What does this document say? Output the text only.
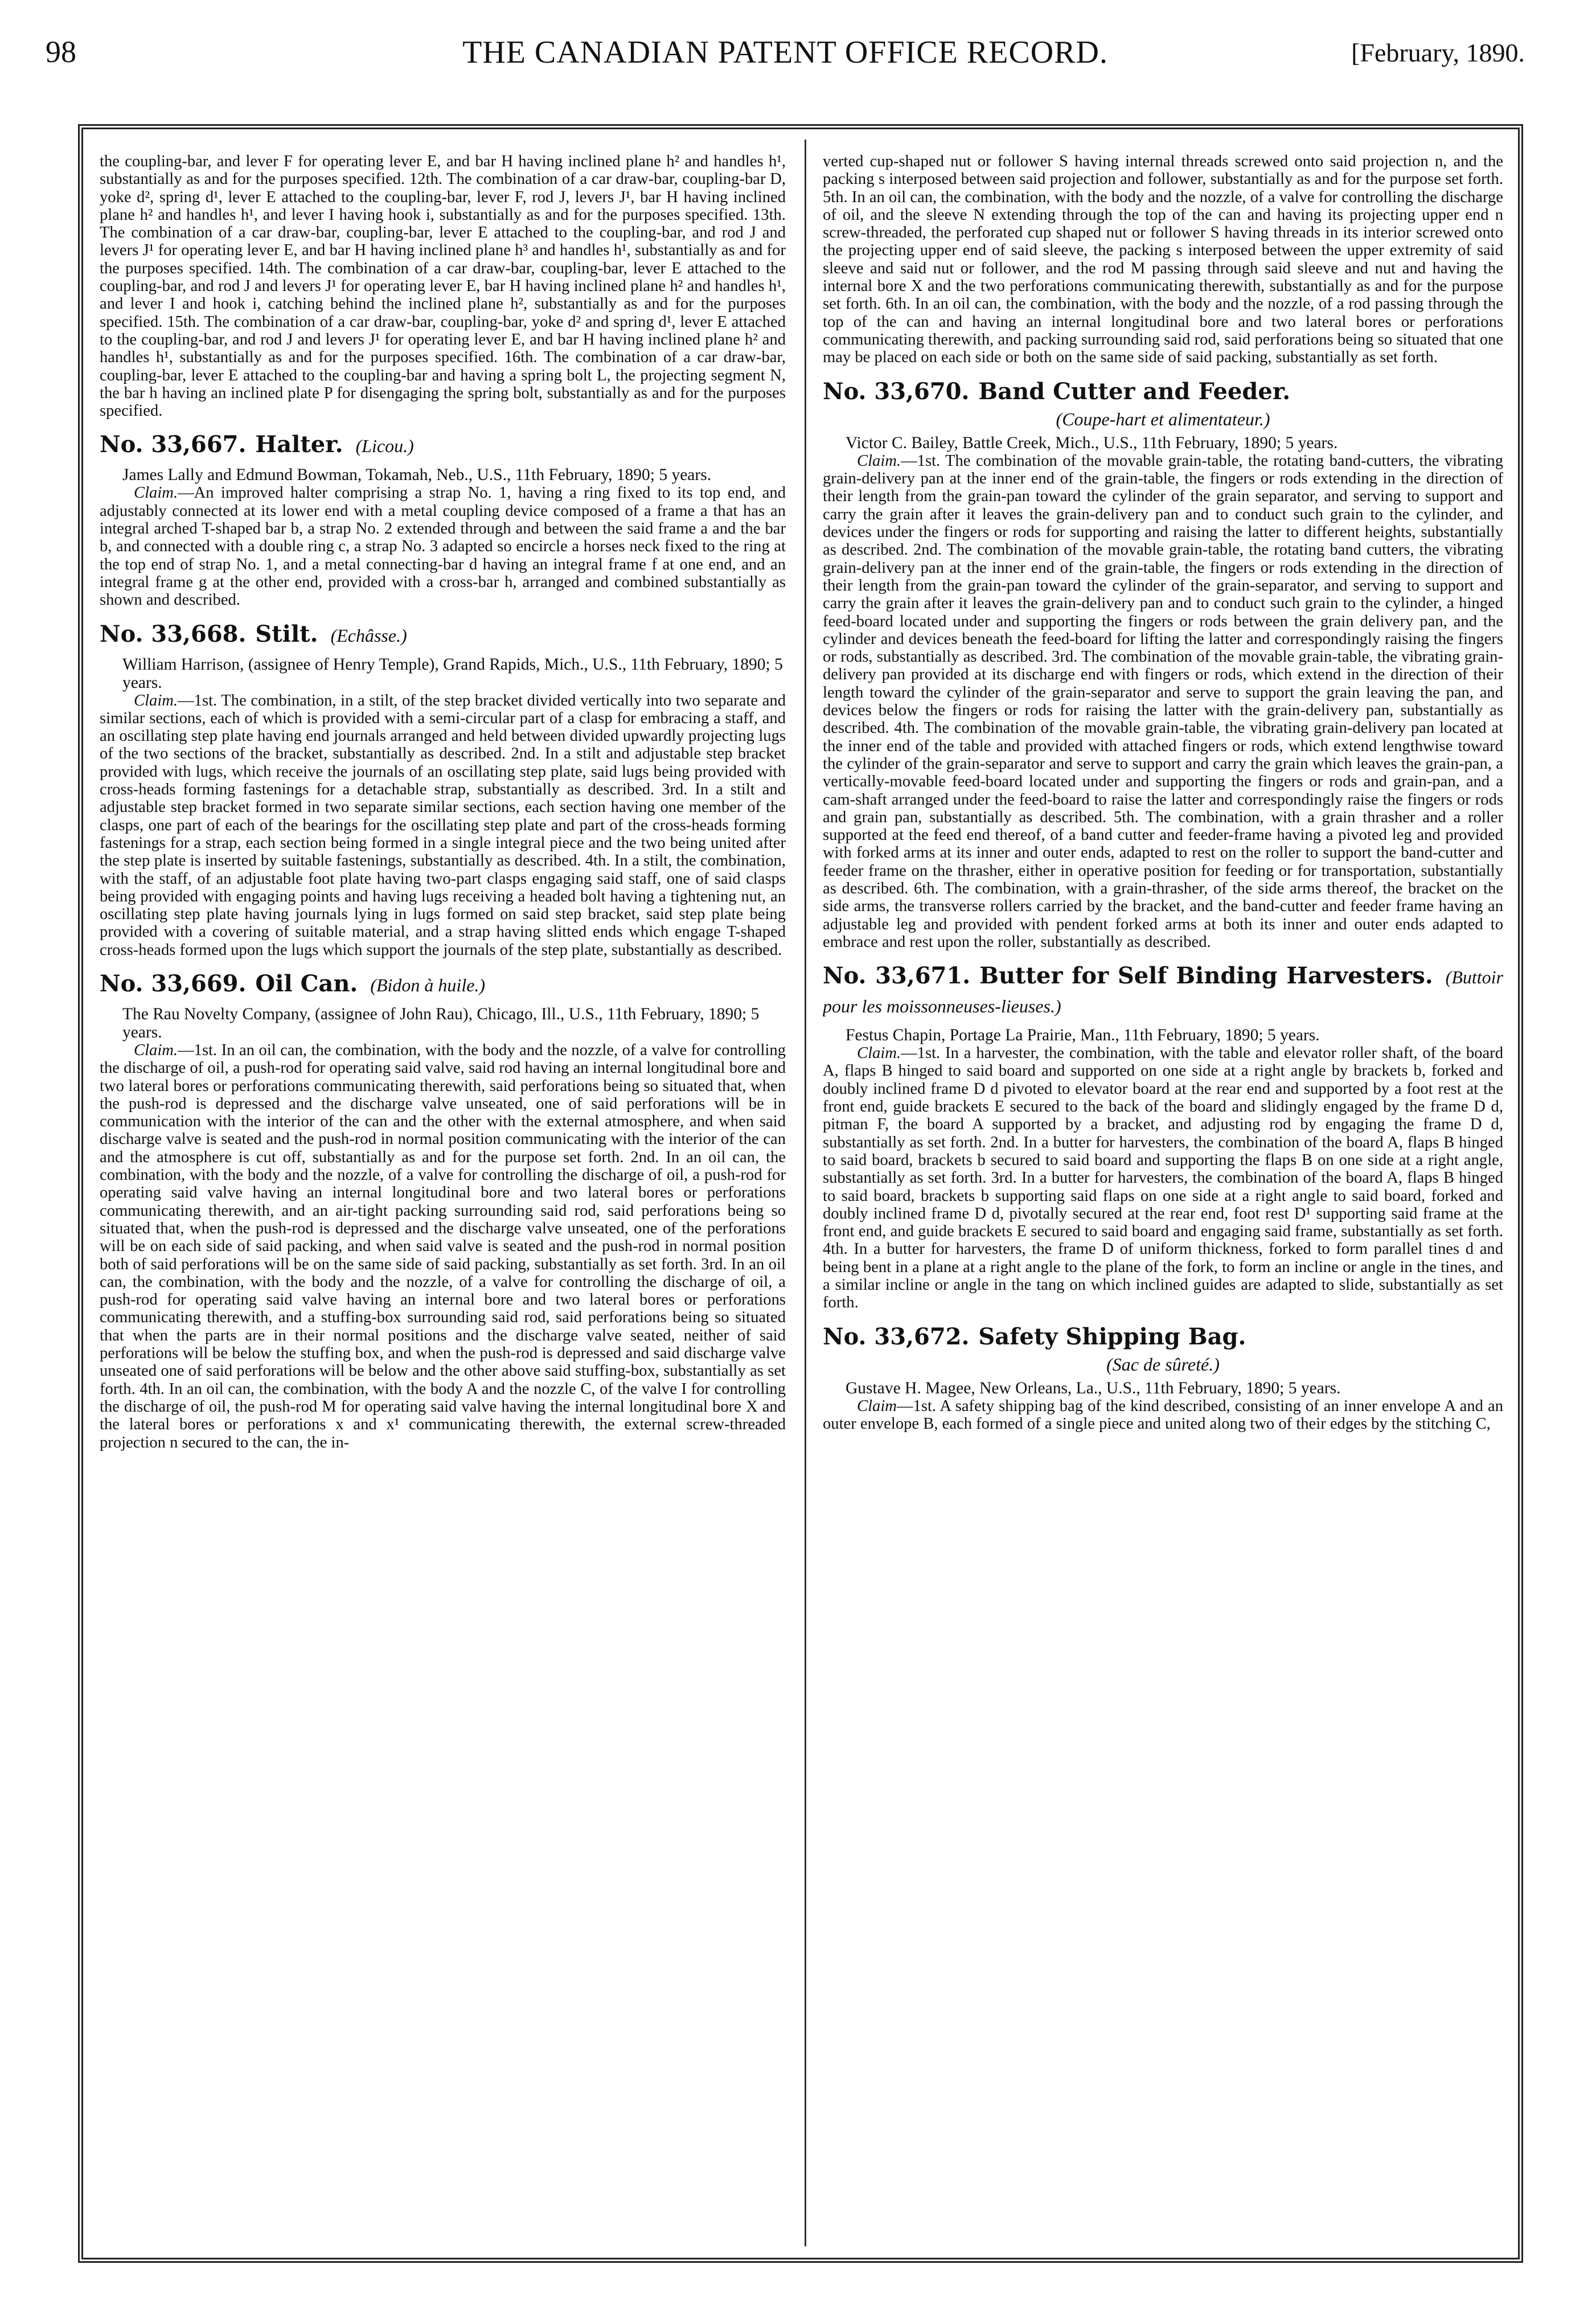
98	THE CANADIAN PATENT OFFICE RECORD.	[February, 1890.

the coupling-bar, and lever F for operating lever E, and bar H having inclined plane h² and handles h¹, substantially as and for the purposes specified. 12th. The combination of a car draw-bar, coupling-bar D, yoke d², spring d¹, lever E attached to the coupling-bar, lever F, rod J, levers J¹, bar H having inclined plane h² and handles h¹, and lever I having hook i, substantially as and for the purposes specified. 13th. The combination of a car draw-bar, coupling-bar, lever E attached to the coupling-bar, and rod J and levers J¹ for operating lever E, and bar H having inclined plane h³ and handles h¹, substantially as and for the purposes specified. 14th. The combination of a car draw-bar, coupling-bar, lever E attached to the coupling-bar, and rod J and levers J¹ for operating lever E, bar H having inclined plane h² and handles h¹, and lever I and hook i, catching behind the inclined plane h², substantially as and for the purposes specified. 15th. The combination of a car draw-bar, coupling-bar, yoke d² and spring d¹, lever E attached to the coupling-bar, and rod J and levers J¹ for operating lever E, and bar H having inclined plane h² and handles h¹, substantially as and for the purposes specified. 16th. The combination of a car draw-bar, coupling-bar, lever E attached to the coupling-bar and having a spring bolt L, the projecting segment N, the bar h having an inclined plate P for disengaging the spring bolt, substantially as and for the purposes specified.

No. 33,667. Halter. (Licou.)

James Lally and Edmund Bowman, Tokamah, Neb., U.S., 11th February, 1890; 5 years.

Claim.—An improved halter comprising a strap No. 1, having a ring fixed to its top end, and adjustably connected at its lower end with a metal coupling device composed of a frame a that has an integral arched T-shaped bar b, a strap No. 2 extended through and between the said frame a and the bar b, and connected with a double ring c, a strap No. 3 adapted so encircle a horses neck fixed to the ring at the top end of strap No. 1, and a metal connecting-bar d having an integral frame f at one end, and an integral frame g at the other end, provided with a cross-bar h, arranged and combined substantially as shown and described.

No. 33,668. Stilt. (Echâsse.)

William Harrison, (assignee of Henry Temple), Grand Rapids, Mich., U.S., 11th February, 1890; 5 years.

Claim.—1st. The combination, in a stilt, of the step bracket divided vertically into two separate and similar sections, each of which is provided with a semi-circular part of a clasp for embracing a staff, and an oscillating step plate having end journals arranged and held between divided upwardly projecting lugs of the two sections of the bracket, substantially as described. 2nd. In a stilt and adjustable step bracket provided with lugs, which receive the journals of an oscillating step plate, said lugs being provided with cross-heads forming fastenings for a detachable strap, substantially as described. 3rd. In a stilt and adjustable step bracket formed in two separate similar sections, each section having one member of the clasps, one part of each of the bearings for the oscillating step plate and part of the cross-heads forming fastenings for a strap, each section being formed in a single integral piece and the two being united after the step plate is inserted by suitable fastenings, substantially as described. 4th. In a stilt, the combination, with the staff, of an adjustable foot plate having two-part clasps engaging said staff, one of said clasps being provided with engaging points and having lugs receiving a headed bolt having a tightening nut, an oscillating step plate having journals lying in lugs formed on said step bracket, said step plate being provided with a covering of suitable material, and a strap having slitted ends which engage T-shaped cross-heads formed upon the lugs which support the journals of the step plate, substantially as described.

No. 33,669. Oil Can. (Bidon à huile.)

The Rau Novelty Company, (assignee of John Rau), Chicago, Ill., U.S., 11th February, 1890; 5 years.

Claim.—1st. In an oil can, the combination, with the body and the nozzle, of a valve for controlling the discharge of oil, a push-rod for operating said valve, said rod having an internal longitudinal bore and two lateral bores or perforations communicating therewith, said perforations being so situated that, when the push-rod is depressed and the discharge valve unseated, one of said perforations will be in communication with the interior of the can and the other with the external atmosphere, and when said discharge valve is seated and the push-rod in normal position communicating with the interior of the can and the atmosphere is cut off, substantially as and for the purpose set forth. 2nd. In an oil can, the combination, with the body and the nozzle, of a valve for controlling the discharge of oil, a push-rod for operating said valve having an internal longitudinal bore and two lateral bores or perforations communicating therewith, and an air-tight packing surrounding said rod, said perforations being so situated that, when the push-rod is depressed and the discharge valve unseated, one of the perforations will be on each side of said packing, and when said valve is seated and the push-rod in normal position both of said perforations will be on the same side of said packing, substantially as set forth. 3rd. In an oil can, the combination, with the body and the nozzle, of a valve for controlling the discharge of oil, a push-rod for operating said valve having an internal bore and two lateral bores or perforations communicating therewith, and a stuffing-box surrounding said rod, said perforations being so situated that when the parts are in their normal positions and the discharge valve seated, neither of said perforations will be below the stuffing box, and when the push-rod is depressed and said discharge valve unseated one of said perforations will be below and the other above said stuffing-box, substantially as set forth. 4th. In an oil can, the combination, with the body A and the nozzle C, of the valve I for controlling the discharge of oil, the push-rod M for operating said valve having the internal longitudinal bore X and the lateral bores or perforations x and x¹ communicating therewith, the external screw-threaded projection n secured to the can, the in-

verted cup-shaped nut or follower S having internal threads screwed onto said projection n, and the packing s interposed between said projection and follower, substantially as and for the purpose set forth. 5th. In an oil can, the combination, with the body and the nozzle, of a valve for controlling the discharge of oil, and the sleeve N extending through the top of the can and having its projecting upper end n screw-threaded, the perforated cup shaped nut or follower S having threads in its interior screwed onto the projecting upper end of said sleeve, the packing s interposed between the upper extremity of said sleeve and said nut or follower, and the rod M passing through said sleeve and nut and having the internal bore X and the two perforations communicating therewith, substantially as and for the purpose set forth. 6th. In an oil can, the combination, with the body and the nozzle, of a rod passing through the top of the can and having an internal longitudinal bore and two lateral bores or perforations communicating therewith, and packing surrounding said rod, said perforations being so situated that one may be placed on each side or both on the same side of said packing, substantially as set forth.

No. 33,670. Band Cutter and Feeder.
(Coupe-hart et alimentateur.)

Victor C. Bailey, Battle Creek, Mich., U.S., 11th February, 1890; 5 years.

Claim.—1st. The combination of the movable grain-table, the rotating band-cutters, the vibrating grain-delivery pan at the inner end of the grain-table, the fingers or rods extending in the direction of their length from the grain-pan toward the cylinder of the grain separator, and serving to support and carry the grain after it leaves the grain-delivery pan and to conduct such grain to the cylinder, and devices under the fingers or rods for supporting and raising the latter to different heights, substantially as described. 2nd. The combination of the movable grain-table, the rotating band cutters, the vibrating grain-delivery pan at the inner end of the grain-table, the fingers or rods extending in the direction of their length from the grain-pan toward the cylinder of the grain-separator, and serving to support and carry the grain after it leaves the grain-delivery pan and to conduct such grain to the cylinder, a hinged feed-board located under and supporting the fingers or rods between the grain delivery pan, and the cylinder and devices beneath the feed-board for lifting the latter and correspondingly raising the fingers or rods, substantially as described. 3rd. The combination of the movable grain-table, the vibrating grain-delivery pan provided at its discharge end with fingers or rods, which extend in the direction of their length toward the cylinder of the grain-separator and serve to support the grain leaving the pan, and devices below the fingers or rods for raising the latter with the grain-delivery pan, substantially as described. 4th. The combination of the movable grain-table, the vibrating grain-delivery pan located at the inner end of the table and provided with attached fingers or rods, which extend lengthwise toward the cylinder of the grain-separator and serve to support and carry the grain which leaves the grain-pan, a vertically-movable feed-board located under and supporting the fingers or rods and grain-pan, and a cam-shaft arranged under the feed-board to raise the latter and correspondingly raise the fingers or rods and grain pan, substantially as described. 5th. The combination, with a grain thrasher and a roller supported at the feed end thereof, of a band cutter and feeder-frame having a pivoted leg and provided with forked arms at its inner and outer ends, adapted to rest on the roller to support the band-cutter and feeder frame on the thrasher, either in operative position for feeding or for transportation, substantially as described. 6th. The combination, with a grain-thrasher, of the side arms thereof, the bracket on the side arms, the transverse rollers carried by the bracket, and the band-cutter and feeder frame having an adjustable leg and provided with pendent forked arms at both its inner and outer ends adapted to embrace and rest upon the roller, substantially as described.

No. 33,671. Butter for Self Binding Harvesters. (Buttoir pour les moissonneuses-lieuses.)

Festus Chapin, Portage La Prairie, Man., 11th February, 1890; 5 years.

Claim.—1st. In a harvester, the combination, with the table and elevator roller shaft, of the board A, flaps B hinged to said board and supported on one side at a right angle by brackets b, forked and doubly inclined frame D d pivoted to elevator board at the rear end and supported by a foot rest at the front end, guide brackets E secured to the back of the board and slidingly engaged by the frame D d, pitman F, the board A supported by a bracket, and adjusting rod by engaging the frame D d, substantially as set forth. 2nd. In a butter for harvesters, the combination of the board A, flaps B hinged to said board, brackets b secured to said board and supporting the flaps B on one side at a right angle, substantially as set forth. 3rd. In a butter for harvesters, the combination of the board A, flaps B hinged to said board, brackets b supporting said flaps on one side at a right angle to said board, forked and doubly inclined frame D d, pivotally secured at the rear end, foot rest D¹ supporting said frame at the front end, and guide brackets E secured to said board and engaging said frame, substantially as set forth. 4th. In a butter for harvesters, the frame D of uniform thickness, forked to form parallel tines d and being bent in a plane at a right angle to the plane of the fork, to form an incline or angle in the tines, and a similar incline or angle in the tang on which inclined guides are adapted to slide, substantially as set forth.

No. 33,672. Safety Shipping Bag.
(Sac de sûreté.)

Gustave H. Magee, New Orleans, La., U.S., 11th February, 1890; 5 years.

Claim—1st. A safety shipping bag of the kind described, consisting of an inner envelope A and an outer envelope B, each formed of a single piece and united along two of their edges by the stitching C,
